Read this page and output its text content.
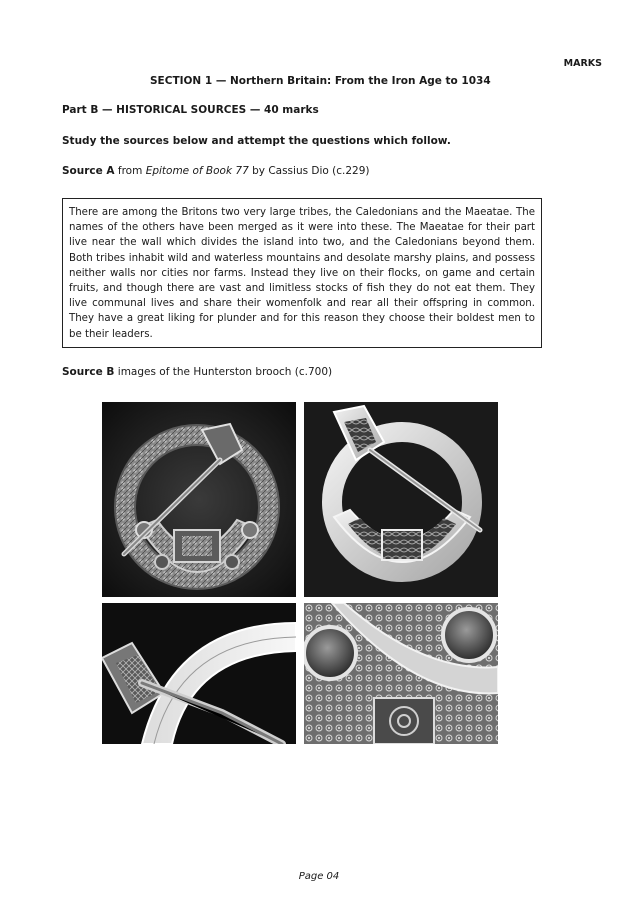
MARKS
SECTION 1 — Northern Britain: From the Iron Age to 1034
Part B — HISTORICAL SOURCES — 40 marks
Study the sources below and attempt the questions which follow.
Source A from Epitome of Book 77 by Cassius Dio (c.229)
There are among the Britons two very large tribes, the Caledonians and the Maeatae. The names of the others have been merged as it were into these. The Maeatae for their part live near the wall which divides the island into two, and the Caledonians beyond them. Both tribes inhabit wild and waterless mountains and desolate marshy plains, and possess neither walls nor cities nor farms. Instead they live on their flocks, on game and certain fruits, and though there are vast and limitless stocks of fish they do not eat them. They live communal lives and share their womenfolk and rear all their offspring in common. They have a great liking for plunder and for this reason they choose their boldest men to be their leaders.
Source B images of the Hunterston brooch (c.700)
Page 04
